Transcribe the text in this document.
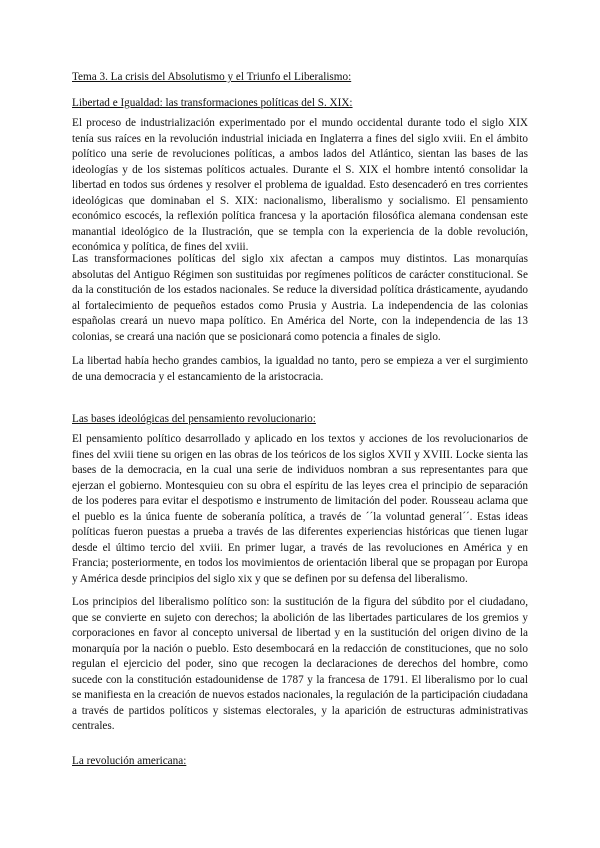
Tema 3. La crisis del Absolutismo y el Triunfo el Liberalismo:

Libertad e Igualdad: las transformaciones políticas del S. XIX:

El proceso de industrialización experimentado por el mundo occidental durante todo el siglo XIX tenía sus raíces en la revolución industrial iniciada en Inglaterra a fines del siglo xviii. En el ámbito político una serie de revoluciones políticas, a ambos lados del Atlántico, sientan las bases de las ideologías y de los sistemas políticos actuales. Durante el S. XIX el hombre intentó consolidar la libertad en todos sus órdenes y resolver el problema de igualdad. Esto desencaderó en tres corrientes ideológicas que dominaban el S. XIX: nacionalismo, liberalismo y socialismo. El pensamiento económico escocés, la reflexión política francesa y la aportación filosófica alemana condensan este manantial ideológico de la Ilustración, que se templa con la experiencia de la doble revolución, económica y política, de fines del xviii.

Las transformaciones políticas del siglo xix afectan a campos muy distintos. Las monarquías absolutas del Antiguo Régimen son sustituidas por regímenes políticos de carácter constitucional. Se da la constitución de los estados nacionales. Se reduce la diversidad política drásticamente, ayudando al fortalecimiento de pequeños estados como Prusia y Austria. La independencia de las colonias españolas creará un nuevo mapa político. En América del Norte, con la independencia de las 13 colonias, se creará una nación que se posicionará como potencia a finales de siglo.

La libertad había hecho grandes cambios, la igualdad no tanto, pero se empieza a ver el surgimiento de una democracia y el estancamiento de la aristocracia.

Las bases ideológicas del pensamiento revolucionario:

El pensamiento político desarrollado y aplicado en los textos y acciones de los revolucionarios de fines del xviii tiene su origen en las obras de los teóricos de los siglos XVII y XVIII. Locke sienta las bases de la democracia, en la cual una serie de individuos nombran a sus representantes para que ejerzan el gobierno. Montesquieu con su obra el espíritu de las leyes crea el principio de separación de los poderes para evitar el despotismo e instrumento de limitación del poder. Rousseau aclama que el pueblo es la única fuente de soberanía política, a través de ´´la voluntad general´´. Estas ideas políticas fueron puestas a prueba a través de las diferentes experiencias históricas que tienen lugar desde el último tercio del xviii. En primer lugar, a través de las revoluciones en América y en Francia; posteriormente, en todos los movimientos de orientación liberal que se propagan por Europa y América desde principios del siglo xix y que se definen por su defensa del liberalismo.

Los principios del liberalismo político son: la sustitución de la figura del súbdito por el ciudadano, que se convierte en sujeto con derechos; la abolición de las libertades particulares de los gremios y corporaciones en favor al concepto universal de libertad y en la sustitución del origen divino de la monarquía por la nación o pueblo. Esto desembocará en la redacción de constituciones, que no solo regulan el ejercicio del poder, sino que recogen la declaraciones de derechos del hombre, como sucede con la constitución estadounidense de 1787 y la francesa de 1791. El liberalismo por lo cual se manifiesta en la creación de nuevos estados nacionales, la regulación de la participación ciudadana a través de partidos políticos y sistemas electorales, y la aparición de estructuras administrativas centrales.

La revolución americana:
